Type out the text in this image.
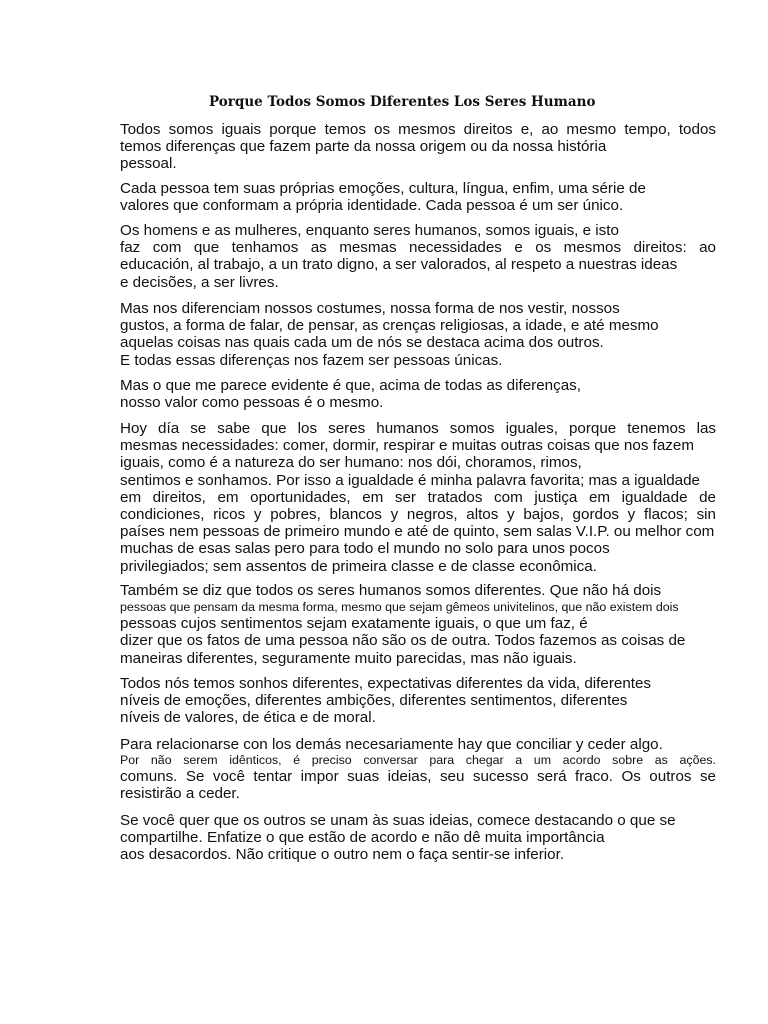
Porque Todos Somos Diferentes Los Seres Humano
Todos somos iguais porque temos os mesmos direitos e, ao mesmo tempo, todos
temos diferenças que fazem parte da nossa origem ou da nossa história
pessoal.
Cada pessoa tem suas próprias emoções, cultura, língua, enfim, uma série de
valores que conformam a própria identidade. Cada pessoa é um ser único.
Os homens e as mulheres, enquanto seres humanos, somos iguais, e isto
faz com que tenhamos as mesmas necessidades e os mesmos direitos: ao
educación, al trabajo, a un trato digno, a ser valorados, al respeto a nuestras ideas
e decisões, a ser livres.
Mas nos diferenciam nossos costumes, nossa forma de nos vestir, nossos
gustos, a forma de falar, de pensar, as crenças religiosas, a idade, e até mesmo
aquelas coisas nas quais cada um de nós se destaca acima dos outros.
E todas essas diferenças nos fazem ser pessoas únicas.
Mas o que me parece evidente é que, acima de todas as diferenças,
nosso valor como pessoas é o mesmo.
Hoy día se sabe que los seres humanos somos iguales, porque tenemos las
mesmas necessidades: comer, dormir, respirar e muitas outras coisas que nos fazem
iguais, como é a natureza do ser humano: nos dói, choramos, rimos,
sentimos e sonhamos. Por isso a igualdade é minha palavra favorita; mas a igualdade
em direitos, em oportunidades, em ser tratados com justiça em igualdade de
condiciones, ricos y pobres, blancos y negros, altos y bajos, gordos y flacos; sin
países nem pessoas de primeiro mundo e até de quinto, sem salas V.I.P. ou melhor com
muchas de esas salas pero para todo el mundo no solo para unos pocos
privilegiados; sem assentos de primeira classe e de classe econômica.
Também se diz que todos os seres humanos somos diferentes. Que não há dois
pessoas que pensam da mesma forma, mesmo que sejam gêmeos univitelinos, que não existem dois
pessoas cujos sentimentos sejam exatamente iguais, o que um faz, é
dizer que os fatos de uma pessoa não são os de outra. Todos fazemos as coisas de
maneiras diferentes, seguramente muito parecidas, mas não iguais.
Todos nós temos sonhos diferentes, expectativas diferentes da vida, diferentes
níveis de emoções, diferentes ambições, diferentes sentimentos, diferentes
níveis de valores, de ética e de moral.
Para relacionarse con los demás necesariamente hay que conciliar y ceder algo.
Por não serem idênticos, é preciso conversar para chegar a um acordo sobre as ações.
comuns. Se você tentar impor suas ideias, seu sucesso será fraco. Os outros se
resistirão a ceder.
Se você quer que os outros se unam às suas ideias, comece destacando o que se
compartilhe. Enfatize o que estão de acordo e não dê muita importância
aos desacordos. Não critique o outro nem o faça sentir-se inferior.
